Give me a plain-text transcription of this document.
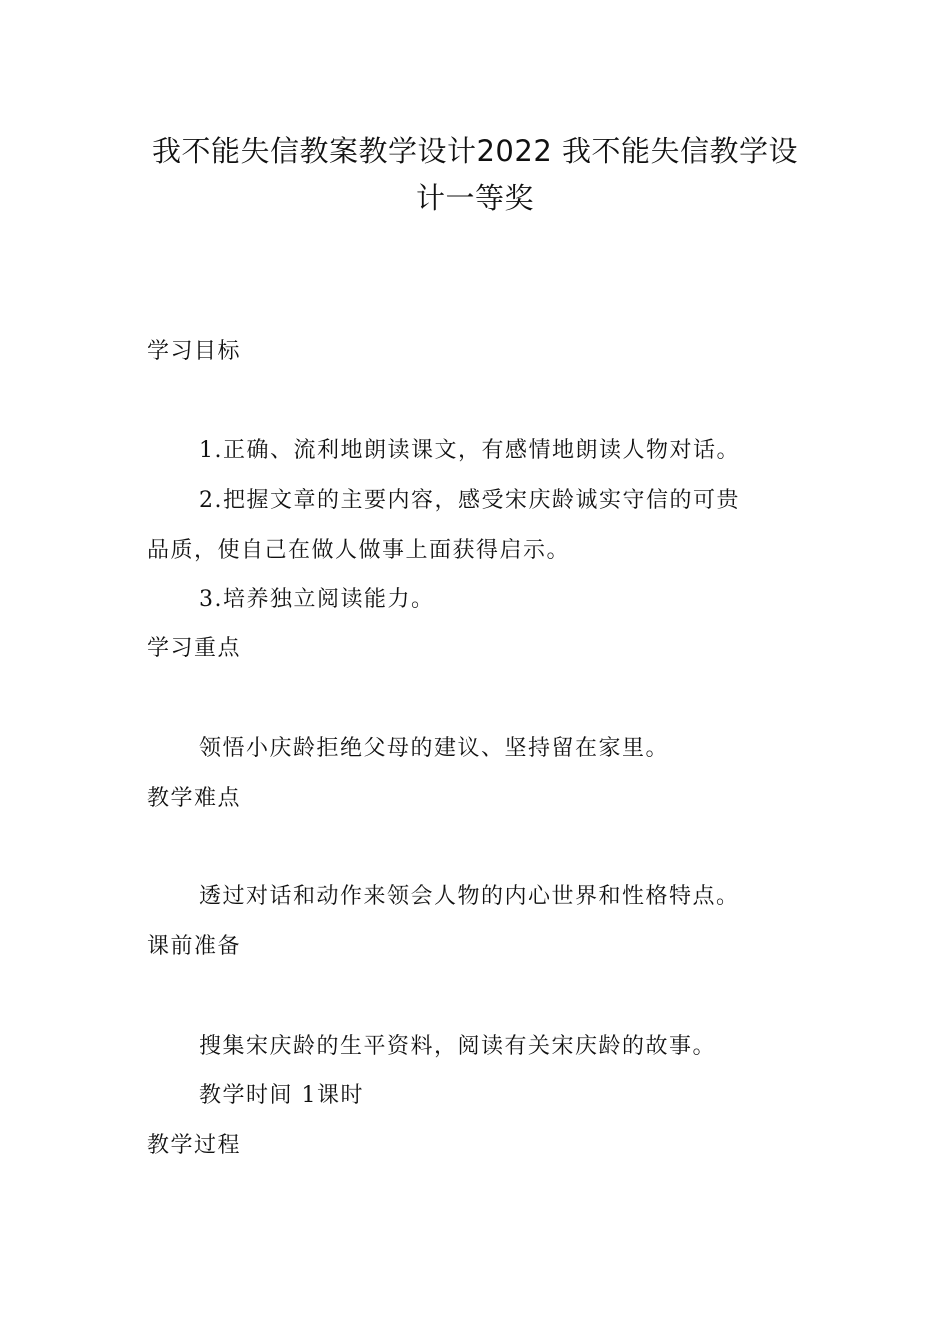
我不能失信教案教学设计2022 我不能失信教学设
计一等奖
学习目标
1.正确、流利地朗读课文，有感情地朗读人物对话。
2.把握文章的主要内容，感受宋庆龄诚实守信的可贵
品质，使自己在做人做事上面获得启示。
3.培养独立阅读能力。
学习重点
领悟小庆龄拒绝父母的建议、坚持留在家里。
教学难点
透过对话和动作来领会人物的内心世界和性格特点。
课前准备
搜集宋庆龄的生平资料，阅读有关宋庆龄的故事。
教学时间 1课时
教学过程
